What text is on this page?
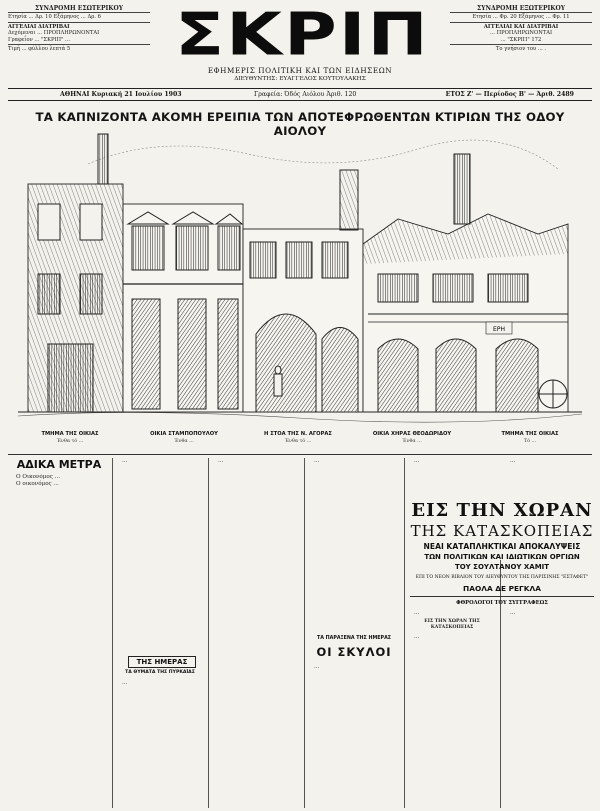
ΣΥΝΔΡΟΜΗ ΕΣΩΤΕΡΙΚΟΥ
Ετησία ... Δρ. 10 Εξάμηνος ... Δρ. 6
ΑΓΓΕΛΙΑΙ ΔΙΑΤΡΙΒΑΙ
Δεχόμεναι ... ΠΡΟΠΛΗΡΩΝΟΝΤΑΙ
Γραφεΐον ... "ΣΚΡΙΠ" ...
Τιμή ... φύλλου λεπτά 5	ΣΚΡΙΠ
ΕΦΗΜΕΡΙΣ ΠΟΛΙΤΙΚΗ ΚΑΙ ΤΩΝ ΕΙΔΗΣΕΩΝ
ΔΙΕΥΘΥΝΤΗΣ: ΕΥΑΓΓΕΛΟΣ ΚΟΥΤΟΥΛΑΚΗΣ
ΣΥΝΔΡΟΜΗ ΕΞΩΤΕΡΙΚΟΥ
Ετησία ... Φρ. 20 Εξάμηνος ... Φρ. 11
ΑΓΓΕΛΙΑΙ ΚΑΙ ΔΙΑΤΡΙΒΑΙ
... ΠΡΟΠΛΗΡΩΝΟΝΤΑΙ
... "ΣΚΡΙΠ" 172
Το γνήσιον του ... .
ΑΘΗΝΑΙ Κυριακή 21 Ιουλίου 1903	Γραφεία: Όδός Αιόλου Άριθ. 120	ΕΤΟΣ Ζ' — Περίοδος Β' — Άριθ. 2489
ΤΑ ΚΑΠΝΙΖΟΝΤΑ ΑΚΟΜΗ ΕΡΕΙΠΙΑ ΤΩΝ ΑΠΟΤΕΦΡΩΘΕΝΤΩΝ ΚΤΙΡΙΩΝ ΤΗΣ ΟΔΟΥ ΑΙΟΛΟΥ
ΕΡΗ
ΤΜΗΜΑ ΤΗΣ ΟΙΚΙΑΣ	ΟΙΚΙΑ ΣΤΑΜΠΟΠΟΥΛΟΥ	Η ΣΤΟΑ ΤΗΣ Ν. ΑΓΟΡΑΣ	ΟΙΚΙΑ ΧΗΡΑΣ ΘΕΟΔΩΡΙΔΟΥ	ΤΜΗΜΑ ΤΗΣ ΟΙΚΙΑΣ
Ένθα τό ...	Ένθα ...	Ένθα τό ...	Ένθα ...	Τό ...
ΑΔΙΚΑ ΜΕΤΡΑ

Ο Οικονόμος ...

Ο οικονόμος ...

...

ΤΗΣ ΗΜΕΡΑΣ
ΤΑ ΘΥΜΑΤΑ ΤΗΣ ΠΥΡΚΑΪΑΣ

...

...	...

ΤΑ ΠΑΡΑΞΕΝΑ ΤΗΣ ΗΜΕΡΑΣ
ΟΙ ΣΚΥΛΟΙ

...

...	...

ΕΙΣ ΤΗΝ ΧΩΡΑΝ
ΤΗΣ ΚΑΤΑΣΚΟΠΕΙΑΣ
ΝΕΑΙ ΚΑΤΑΠΛΗΚΤΙΚΑΙ ΑΠΟΚΑΛΥΨΕΙΣ
ΤΩΝ ΠΟΛΙΤΙΚΩΝ ΚΑΙ ΙΔΙΩΤΙΚΩΝ ΟΡΓΙΩΝ
ΤΟΥ ΣΟΥΛΤΑΝΟΥ ΧΑΜΙΤ
ΕΠΙ ΤΟ ΝΕΟΝ ΒΙΒΛΙΟΝ ΤΟΥ ΔΙΕΥΘΥΝΤΟΥ ΤΗΣ ΠΑΡΙΣΙΝΗΣ "ΕΣΤΑΦΕΤ"
ΠΑΟΛΑ ΔΕ ΡΕΓΚΛΑ
ΦΘΡΟΛΟΓΟΙ ΤΟΥ ΣΥΓΓΡΑΦΕΩΣ

...

ΕΙΣ ΤΗΝ ΧΩΡΑΝ ΤΗΣ ΚΑΤΑΣΚΟΠΕΙΑΣ

...

...
